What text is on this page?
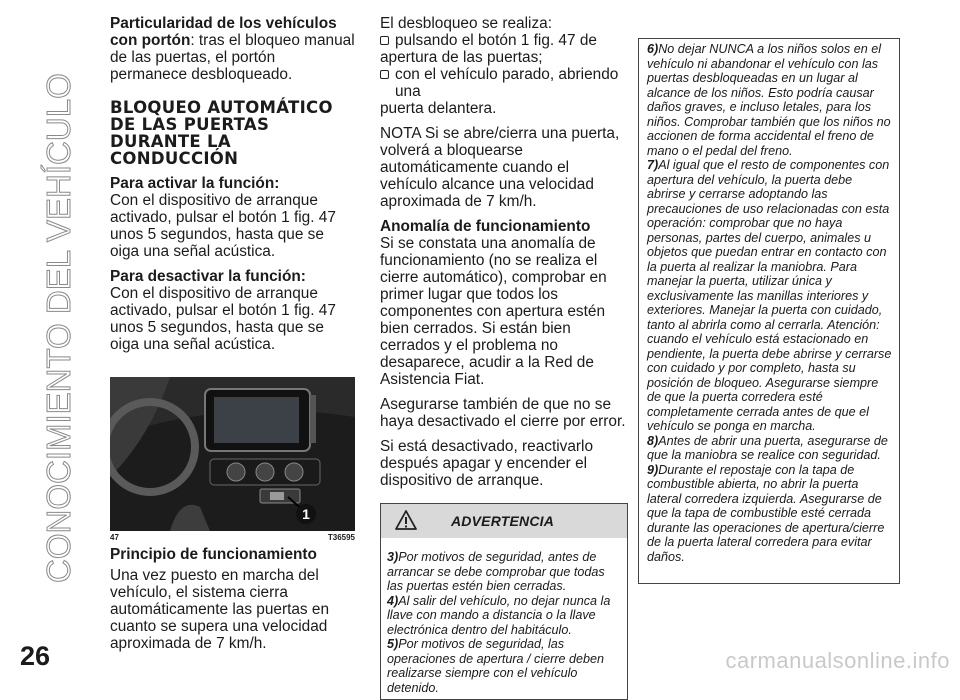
CONOCIMIENTO DEL VEHÍCULO
26

Particularidad de los vehículos con portón: tras el bloqueo manual de las puertas, el portón permanece desbloqueado.

BLOQUEO AUTOMÁTICO
DE LAS PUERTAS
DURANTE LA
CONDUCCIÓN

Para activar la función:

Con el dispositivo de arranque activado, pulsar el botón 1 fig. 47 unos 5 segundos, hasta que se oiga una señal acústica.

Para desactivar la función:

Con el dispositivo de arranque activado, pulsar el botón 1 fig. 47 unos 5 segundos, hasta que se oiga una señal acústica.

1
47	T36595

Principio de funcionamiento

Una vez puesto en marcha del vehículo, el sistema cierra automáticamente las puertas en cuanto se supera una velocidad aproximada de 7 km/h.

El desbloqueo se realiza:

pulsando el botón 1 fig. 47 de

apertura de las puertas;

con el vehículo parado, abriendo una

puerta delantera.

NOTA Si se abre/cierra una puerta, volverá a bloquearse automáticamente cuando el vehículo alcance una velocidad aproximada de 7 km/h.

Anomalía de funcionamiento

Si se constata una anomalía de funcionamiento (no se realiza el cierre automático), comprobar en primer lugar que todos los componentes con apertura estén bien cerrados. Si están bien cerrados y el problema no desaparece, acudir a la Red de Asistencia Fiat.

Asegurarse también de que no se haya desactivado el cierre por error.

Si está desactivado, reactivarlo después apagar y encender el dispositivo de arranque.

ADVERTENCIA

3)Por motivos de seguridad, antes de arrancar se debe comprobar que todas las puertas estén bien cerradas.

4)Al salir del vehículo, no dejar nunca la llave con mando a distancia o la llave electrónica dentro del habitáculo.

5)Por motivos de seguridad, las operaciones de apertura / cierre deben realizarse siempre con el vehículo detenido.

6)No dejar NUNCA a los niños solos en el vehículo ni abandonar el vehículo con las puertas desbloqueadas en un lugar al alcance de los niños. Esto podría causar daños graves, e incluso letales, para los niños. Comprobar también que los niños no accionen de forma accidental el freno de mano o el pedal del freno.

7)Al igual que el resto de componentes con apertura del vehículo, la puerta debe abrirse y cerrarse adoptando las precauciones de uso relacionadas con esta operación: comprobar que no haya personas, partes del cuerpo, animales u objetos que puedan entrar en contacto con la puerta al realizar la maniobra. Para manejar la puerta, utilizar única y exclusivamente las manillas interiores y exteriores. Manejar la puerta con cuidado, tanto al abrirla como al cerrarla. Atención: cuando el vehículo está estacionado en pendiente, la puerta debe abrirse y cerrarse con cuidado y por completo, hasta su posición de bloqueo. Asegurarse siempre de que la puerta corredera esté completamente cerrada antes de que el vehículo se ponga en marcha.

8)Antes de abrir una puerta, asegurarse de que la maniobra se realice con seguridad.

9)Durante el repostaje con la tapa de combustible abierta, no abrir la puerta lateral corredera izquierda. Asegurarse de que la tapa de combustible esté cerrada durante las operaciones de apertura/cierre de la puerta lateral corredera para evitar daños.

carmanualsonline.info
